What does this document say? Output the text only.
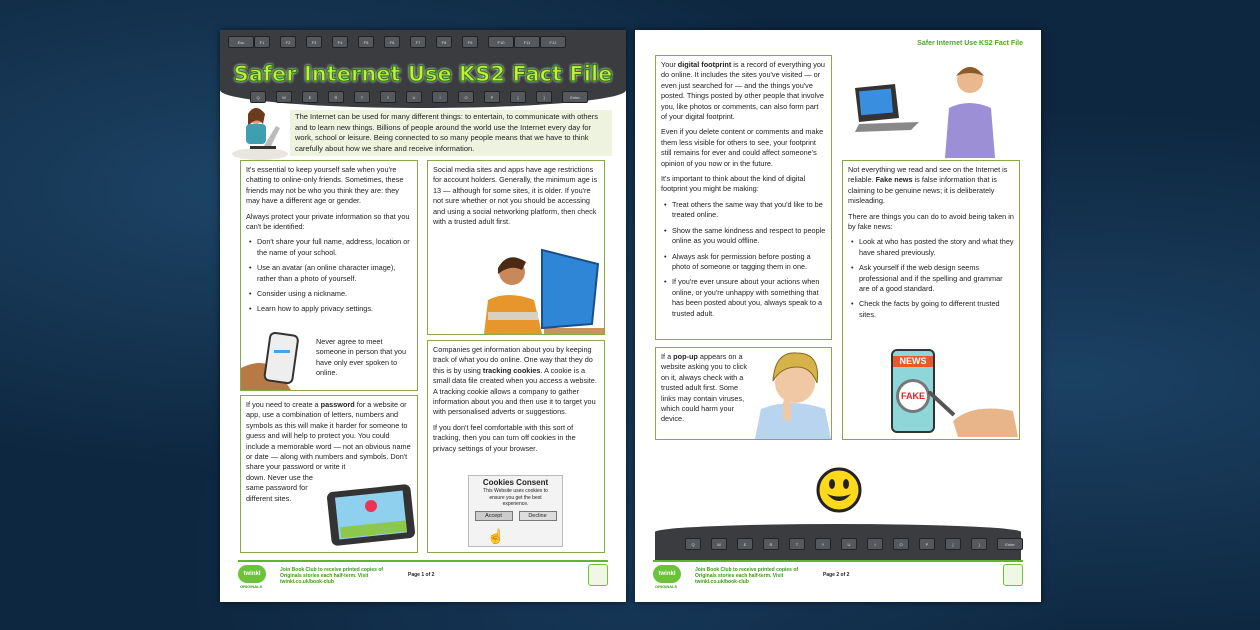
Esc	F1	F2	F3	F4	F5	F6	F7	F8	F9	F10	F11	F12
Q	W	E	R	T	Y	U	I	O	P	[	]	Enter
Safer Internet Use KS2 Fact File
The Internet can be used for many different things: to entertain, to communicate with others and to learn new things. Billions of people around the world use the Internet every day for work, school or leisure. Being connected to so many people means that we have to think carefully about how we share and receive information.

It's essential to keep yourself safe when you're chatting to online-only friends. Sometimes, these friends may not be who you think they are: they may have a different age or gender.

Always protect your private information so that you can't be identified:

• Don't share your full name, address, location or the name of your school.
• Use an avatar (an online character image), rather than a photo of yourself.
• Consider using a nickname.
• Learn how to apply privacy settings.

Never agree to meet someone in person that you have only ever spoken to online.

If you need to create a password for a website or app, use a combination of letters, numbers and symbols as this will make it harder for someone to guess and will help to protect you. You could include a memorable word — not an obvious name or date — along with numbers and symbols. Don't share your password or write it

down. Never use the same password for different sites.

Social media sites and apps have age restrictions for account holders. Generally, the minimum age is 13 — although for some sites, it is older. If you're not sure whether or not you should be accessing and using a social networking platform, then check with a trusted adult first.

Companies get information about you by keeping track of what you do online. One way that they do this is by using tracking cookies. A cookie is a small data file created when you access a website. A tracking cookie allows a company to gather information about you and then use it to target you with personalised adverts or suggestions.

If you don't feel comfortable with this sort of tracking, then you can turn off cookies in the privacy settings of your browser.

Cookies Consent
This Website uses cookies to ensure you get the best experience.
Accept	Decline
☝
twinkl
ORIGINALS
Join Book Club to receive printed copies of Originals stories each half-term. Visit twinkl.co.uk/book-club
Page 1 of 2
Safer Internet Use KS2 Fact File

Your digital footprint is a record of everything you do online. It includes the sites you've visited — or even just searched for — and the things you've posted. Things posted by other people that involve you, like photos or comments, can also form part of your digital footprint.

Even if you delete content or comments and make them less visible for others to see, your footprint still remains for ever and could affect someone's opinion of you now or in the future.

It's important to think about the kind of digital footprint you might be making:

• Treat others the same way that you'd like to be treated online.
• Show the same kindness and respect to people online as you would offline.
• Always ask for permission before posting a photo of someone or tagging them in one.
• If you're ever unsure about your actions when online, or you're unhappy with something that has been posted about you, always speak to a trusted adult.

Not everything we read and see on the Internet is reliable. Fake news is false information that is claiming to be genuine news; it is deliberately misleading.

There are things you can do to avoid being taken in by fake news:

• Look at who has posted the story and what they have shared previously.
• Ask yourself if the web design seems professional and if the spelling and grammar are of a good standard.
• Check the facts by going to different trusted sites.
NEWS
FAKE

If a pop-up appears on a website asking you to click on it, always check with a trusted adult first. Some links may contain viruses, which could harm your device.

Q	W	E	R	T	Y	U	I	O	P	[	]	Enter
twinkl
ORIGINALS
Join Book Club to receive printed copies of Originals stories each half-term. Visit twinkl.co.uk/book-club
Page 2 of 2
